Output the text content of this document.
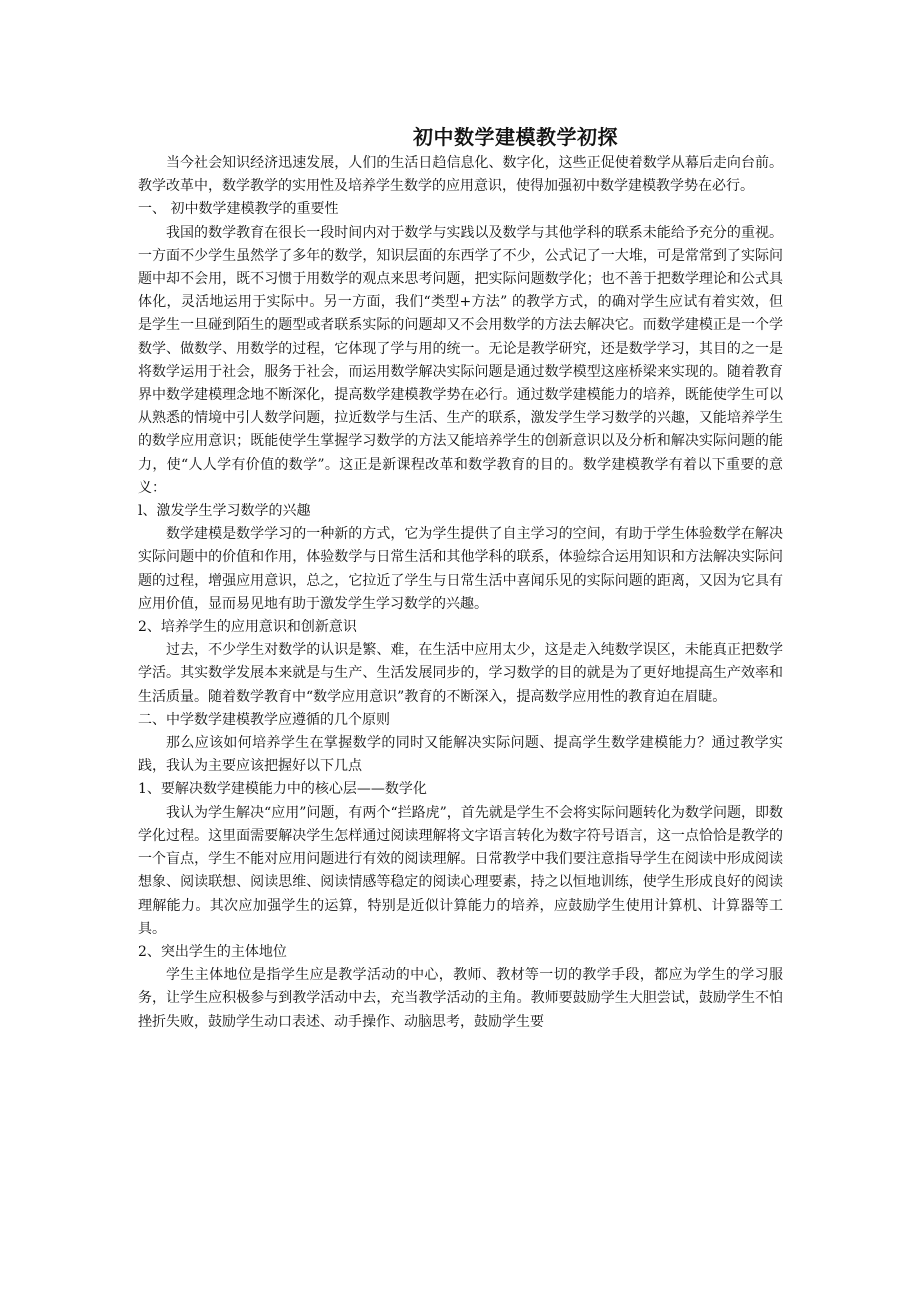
初中数学建模教学初探

当今社会知识经济迅速发展，人们的生活日趋信息化、数字化，这些正促使着数学从幕后走向台前。教学改革中，数学教学的实用性及培养学生数学的应用意识，使得加强初中数学建模教学势在必行。

一、 初中数学建模教学的重要性

我国的数学教育在很长一段时间内对于数学与实践以及数学与其他学科的联系未能给予充分的重视。一方面不少学生虽然学了多年的数学，知识层面的东西学了不少，公式记了一大堆，可是常常到了实际问题中却不会用，既不习惯于用数学的观点来思考问题，把实际问题数学化；也不善于把数学理论和公式具体化，灵活地运用于实际中。另一方面，我们“类型+方法” 的教学方式，的确对学生应试有着实效，但是学生一旦碰到陌生的题型或者联系实际的问题却又不会用数学的方法去解决它。而数学建模正是一个学数学、做数学、用数学的过程，它体现了学与用的统一。无论是教学研究，还是数学学习，其目的之一是将数学运用于社会，服务于社会，而运用数学解决实际问题是通过数学模型这座桥梁来实现的。随着教育界中数学建模理念地不断深化，提高数学建模教学势在必行。通过数学建模能力的培养，既能使学生可以从熟悉的情境中引人数学问题，拉近数学与生活、生产的联系，激发学生学习数学的兴趣，又能培养学生的数学应用意识；既能使学生掌握学习数学的方法又能培养学生的创新意识以及分析和解决实际问题的能力，使“人人学有价值的数学”。这正是新课程改革和数学教育的目的。数学建模教学有着以下重要的意义：

l、激发学生学习数学的兴趣

数学建模是数学学习的一种新的方式，它为学生提供了自主学习的空间，有助于学生体验数学在解决实际问题中的价值和作用，体验数学与日常生活和其他学科的联系，体验综合运用知识和方法解决实际问题的过程，增强应用意识，总之，它拉近了学生与日常生活中喜闻乐见的实际问题的距离，又因为它具有应用价值，显而易见地有助于激发学生学习数学的兴趣。

2、培养学生的应用意识和创新意识

过去，不少学生对数学的认识是繁、难，在生活中应用太少，这是走入纯数学误区，未能真正把数学学活。其实数学发展本来就是与生产、生活发展同步的，学习数学的目的就是为了更好地提高生产效率和生活质量。随着数学教育中“数学应用意识”教育的不断深入，提高数学应用性的教育迫在眉睫。

二、中学数学建模教学应遵循的几个原则

那么应该如何培养学生在掌握数学的同时又能解决实际问题、提高学生数学建模能力？通过教学实践，我认为主要应该把握好以下几点

1、要解决数学建模能力中的核心层——数学化

我认为学生解决“应用”问题，有两个“拦路虎”，首先就是学生不会将实际问题转化为数学问题，即数学化过程。这里面需要解决学生怎样通过阅读理解将文字语言转化为数字符号语言，这一点恰恰是教学的一个盲点，学生不能对应用问题进行有效的阅读理解。日常教学中我们要注意指导学生在阅读中形成阅读想象、阅读联想、阅读思维、阅读情感等稳定的阅读心理要素，持之以恒地训练，使学生形成良好的阅读理解能力。其次应加强学生的运算，特别是近似计算能力的培养，应鼓励学生使用计算机、计算器等工具。

2、突出学生的主体地位

学生主体地位是指学生应是教学活动的中心，教师、教材等一切的教学手段，都应为学生的学习服务，让学生应积极参与到教学活动中去，充当教学活动的主角。教师要鼓励学生大胆尝试，鼓励学生不怕挫折失败，鼓励学生动口表述、动手操作、动脑思考，鼓励学生要
